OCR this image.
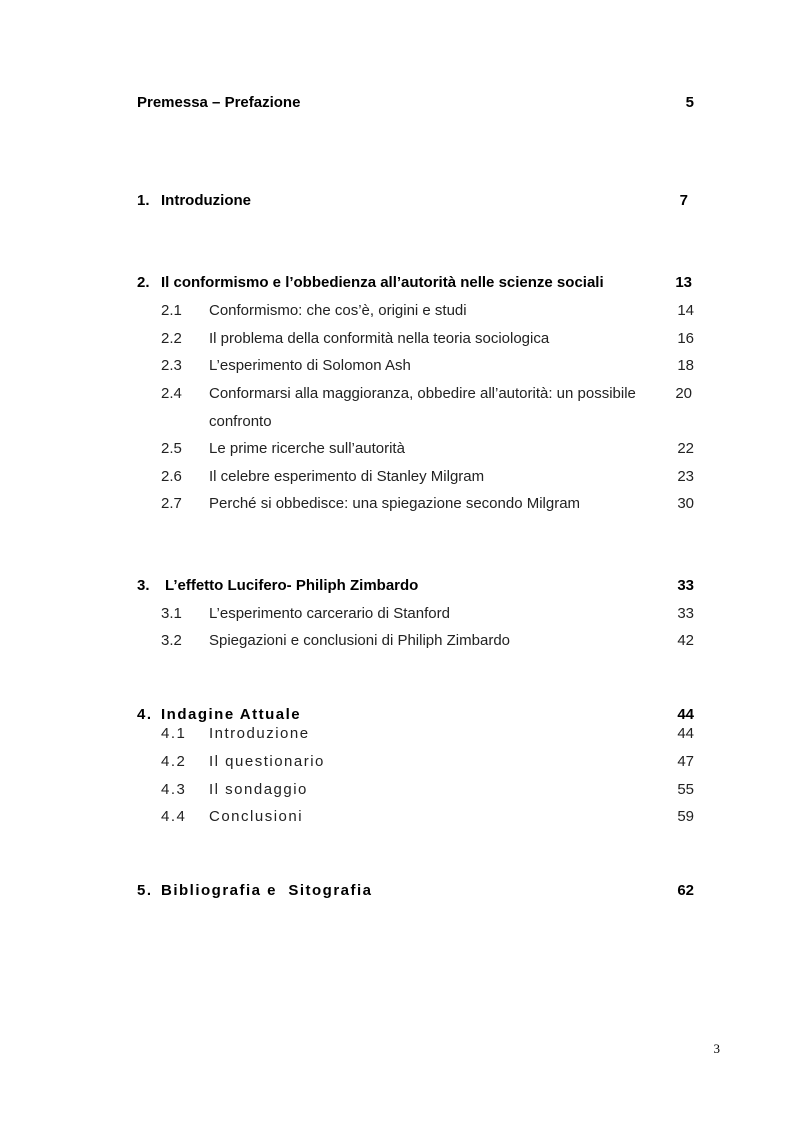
Premessa – Prefazione	5
1. Introduzione	7
2. Il conformismo e l’obbedienza all’autorità nelle scienze sociali	13
2.1 Conformismo: che cos’è, origini e studi	14
2.2 Il problema della conformità nella teoria sociologica	16
2.3 L’esperimento di Solomon Ash	18
2.4 Conformarsi alla maggioranza, obbedire all’autorità: un possibile	20
confronto
2.5 Le prime ricerche sull’autorità	22
2.6 Il celebre esperimento di Stanley Milgram	23
2.7 Perché si obbedisce: una spiegazione secondo Milgram	30
3. L’effetto Lucifero- Philiph Zimbardo	33
3.1 L’esperimento carcerario di Stanford	33
3.2 Spiegazioni e conclusioni di Philiph Zimbardo	42
4. Indagine Attuale	44
4.1 Introduzione	44
4.2 Il questionario	47
4.3 Il sondaggio	55
4.4 Conclusioni	59
5. Bibliografia e  Sitografia	62
3
